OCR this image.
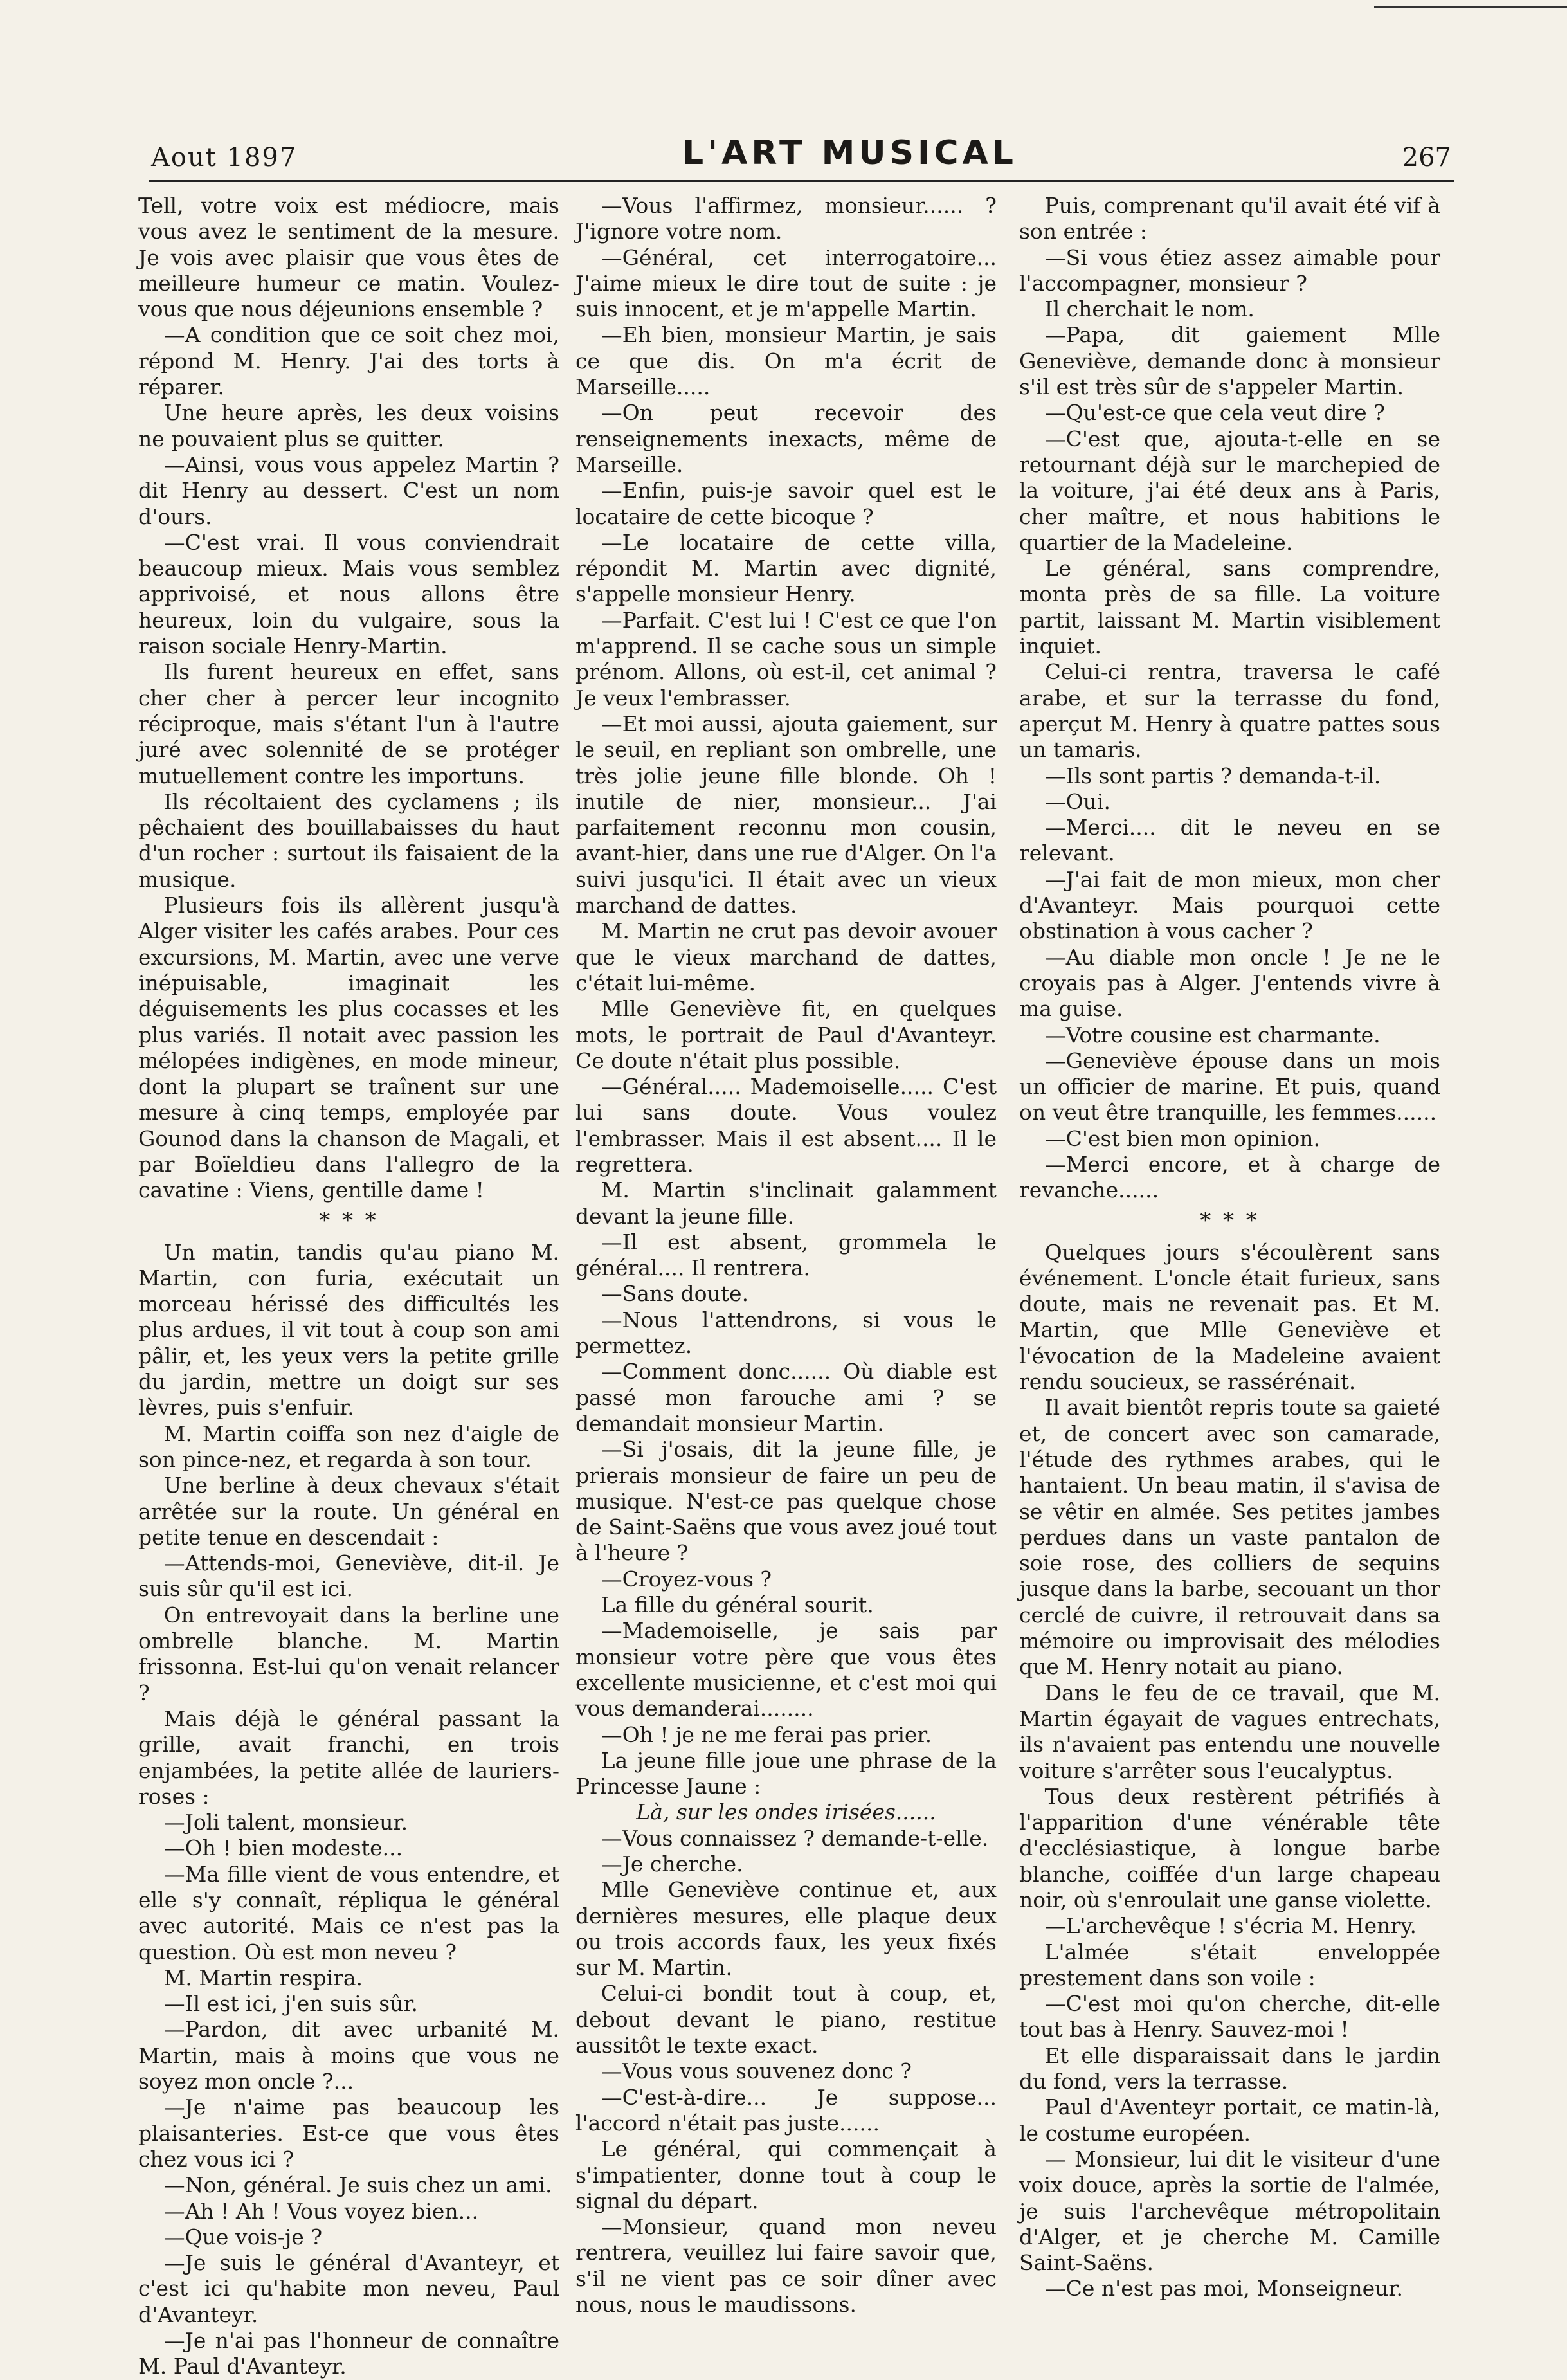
Aout 1897	L'ART MUSICAL	267

Tell, votre voix est médiocre, mais vous avez le sentiment de la mesure. Je vois avec plaisir que vous êtes de meilleure humeur ce matin. Voulez-vous que nous déjeunions ensemble ?

—A condition que ce soit chez moi, répond M. Henry. J'ai des torts à réparer.

Une heure après, les deux voisins ne pouvaient plus se quitter.

—Ainsi, vous vous appelez Martin ? dit Henry au dessert. C'est un nom d'ours.

—C'est vrai. Il vous conviendrait beaucoup mieux. Mais vous semblez apprivoisé, et nous allons être heureux, loin du vulgaire, sous la raison sociale Henry-Martin.

Ils furent heureux en effet, sans cher cher à percer leur incognito réciproque, mais s'étant l'un à l'autre juré avec solennité de se protéger mutuellement contre les importuns.

Ils récoltaient des cyclamens ; ils pêchaient des bouillabaisses du haut d'un rocher : surtout ils faisaient de la musique.

Plusieurs fois ils allèrent jusqu'à Alger visiter les cafés arabes. Pour ces excursions, M. Martin, avec une verve inépuisable, imaginait les déguisements les plus cocasses et les plus variés. Il notait avec passion les mélopées indigènes, en mode mineur, dont la plupart se traînent sur une mesure à cinq temps, employée par Gounod dans la chanson de Magali, et par Boïeldieu dans l'allegro de la cavatine : Viens, gentille dame !

* * *

Un matin, tandis qu'au piano M. Martin, con furia, exécutait un morceau hérissé des difficultés les plus ardues, il vit tout à coup son ami pâlir, et, les yeux vers la petite grille du jardin, mettre un doigt sur ses lèvres, puis s'enfuir.

M. Martin coiffa son nez d'aigle de son pince-nez, et regarda à son tour.

Une berline à deux chevaux s'était arrêtée sur la route. Un général en petite tenue en descendait :

—Attends-moi, Geneviève, dit-il. Je suis sûr qu'il est ici.

On entrevoyait dans la berline une ombrelle blanche. M. Martin frissonna. Est-lui qu'on venait relancer ?

Mais déjà le général passant la grille, avait franchi, en trois enjambées, la petite allée de lauriers-roses :

—Joli talent, monsieur.

—Oh ! bien modeste...

—Ma fille vient de vous entendre, et elle s'y connaît, répliqua le général avec autorité. Mais ce n'est pas la question. Où est mon neveu ?

M. Martin respira.

—Il est ici, j'en suis sûr.

—Pardon, dit avec urbanité M. Martin, mais à moins que vous ne soyez mon oncle ?...

—Je n'aime pas beaucoup les plaisanteries. Est-ce que vous êtes chez vous ici ?

—Non, général. Je suis chez un ami.

—Ah ! Ah ! Vous voyez bien...

—Que vois-je ?

—Je suis le général d'Avanteyr, et c'est ici qu'habite mon neveu, Paul d'Avanteyr.

—Je n'ai pas l'honneur de connaître M. Paul d'Avanteyr.

—Vous l'affirmez, monsieur...... ? J'ignore votre nom.

—Général, cet interrogatoire... J'aime mieux le dire tout de suite : je suis innocent, et je m'appelle Martin.

—Eh bien, monsieur Martin, je sais ce que dis. On m'a écrit de Marseille.....

—On peut recevoir des renseignements inexacts, même de Marseille.

—Enfin, puis-je savoir quel est le locataire de cette bicoque ?

—Le locataire de cette villa, répondit M. Martin avec dignité, s'appelle monsieur Henry.

—Parfait. C'est lui ! C'est ce que l'on m'apprend. Il se cache sous un simple prénom. Allons, où est-il, cet animal ? Je veux l'embrasser.

—Et moi aussi, ajouta gaiement, sur le seuil, en repliant son ombrelle, une très jolie jeune fille blonde. Oh ! inutile de nier, monsieur... J'ai parfaitement reconnu mon cousin, avant-hier, dans une rue d'Alger. On l'a suivi jusqu'ici. Il était avec un vieux marchand de dattes.

M. Martin ne crut pas devoir avouer que le vieux marchand de dattes, c'était lui-même.

Mlle Geneviève fit, en quelques mots, le portrait de Paul d'Avanteyr. Ce doute n'était plus possible.

—Général..... Mademoiselle..... C'est lui sans doute. Vous voulez l'embrasser. Mais il est absent.... Il le regrettera.

M. Martin s'inclinait galamment devant la jeune fille.

—Il est absent, grommela le général.... Il rentrera.

—Sans doute.

—Nous l'attendrons, si vous le permettez.

—Comment donc...... Où diable est passé mon farouche ami ? se demandait monsieur Martin.

—Si j'osais, dit la jeune fille, je prierais monsieur de faire un peu de musique. N'est-ce pas quelque chose de Saint-Saëns que vous avez joué tout à l'heure ?

—Croyez-vous ?

La fille du général sourit.

—Mademoiselle, je sais par monsieur votre père que vous êtes excellente musicienne, et c'est moi qui vous demanderai........

—Oh ! je ne me ferai pas prier.

La jeune fille joue une phrase de la Princesse Jaune :

Là, sur les ondes irisées......

—Vous connaissez ? demande-t-elle.

—Je cherche.

Mlle Geneviève continue et, aux dernières mesures, elle plaque deux ou trois accords faux, les yeux fixés sur M. Martin.

Celui-ci bondit tout à coup, et, debout devant le piano, restitue aussitôt le texte exact.

—Vous vous souvenez donc ?

—C'est-à-dire... Je suppose... l'accord n'était pas juste......

Le général, qui commençait à s'impatienter, donne tout à coup le signal du départ.

—Monsieur, quand mon neveu rentrera, veuillez lui faire savoir que, s'il ne vient pas ce soir dîner avec nous, nous le maudissons.

Puis, comprenant qu'il avait été vif à son entrée :

—Si vous étiez assez aimable pour l'accompagner, monsieur ?

Il cherchait le nom.

—Papa, dit gaiement Mlle Geneviève, demande donc à monsieur s'il est très sûr de s'appeler Martin.

—Qu'est-ce que cela veut dire ?

—C'est que, ajouta-t-elle en se retournant déjà sur le marchepied de la voiture, j'ai été deux ans à Paris, cher maître, et nous habitions le quartier de la Madeleine.

Le général, sans comprendre, monta près de sa fille. La voiture partit, laissant M. Martin visiblement inquiet.

Celui-ci rentra, traversa le café arabe, et sur la terrasse du fond, aperçut M. Henry à quatre pattes sous un tamaris.

—Ils sont partis ? demanda-t-il.

—Oui.

—Merci.... dit le neveu en se relevant.

—J'ai fait de mon mieux, mon cher d'Avanteyr. Mais pourquoi cette obstination à vous cacher ?

—Au diable mon oncle ! Je ne le croyais pas à Alger. J'entends vivre à ma guise.

—Votre cousine est charmante.

—Geneviève épouse dans un mois un officier de marine. Et puis, quand on veut être tranquille, les femmes......

—C'est bien mon opinion.

—Merci encore, et à charge de revanche......

* * *

Quelques jours s'écoulèrent sans événement. L'oncle était furieux, sans doute, mais ne revenait pas. Et M. Martin, que Mlle Geneviève et l'évocation de la Madeleine avaient rendu soucieux, se rassérénait.

Il avait bientôt repris toute sa gaieté et, de concert avec son camarade, l'étude des rythmes arabes, qui le hantaient. Un beau matin, il s'avisa de se vêtir en almée. Ses petites jambes perdues dans un vaste pantalon de soie rose, des colliers de sequins jusque dans la barbe, secouant un thor cerclé de cuivre, il retrouvait dans sa mémoire ou improvisait des mélodies que M. Henry notait au piano.

Dans le feu de ce travail, que M. Martin égayait de vagues entrechats, ils n'avaient pas entendu une nouvelle voiture s'arrêter sous l'eucalyptus.

Tous deux restèrent pétrifiés à l'apparition d'une vénérable tête d'ecclésiastique, à longue barbe blanche, coiffée d'un large chapeau noir, où s'enroulait une ganse violette.

—L'archevêque ! s'écria M. Henry.

L'almée s'était enveloppée prestement dans son voile :

—C'est moi qu'on cherche, dit-elle tout bas à Henry. Sauvez-moi !

Et elle disparaissait dans le jardin du fond, vers la terrasse.

Paul d'Aventeyr portait, ce matin-là, le costume européen.

— Monsieur, lui dit le visiteur d'une voix douce, après la sortie de l'almée, je suis l'archevêque métropolitain d'Alger, et je cherche M. Camille Saint-Saëns.

—Ce n'est pas moi, Monseigneur.
